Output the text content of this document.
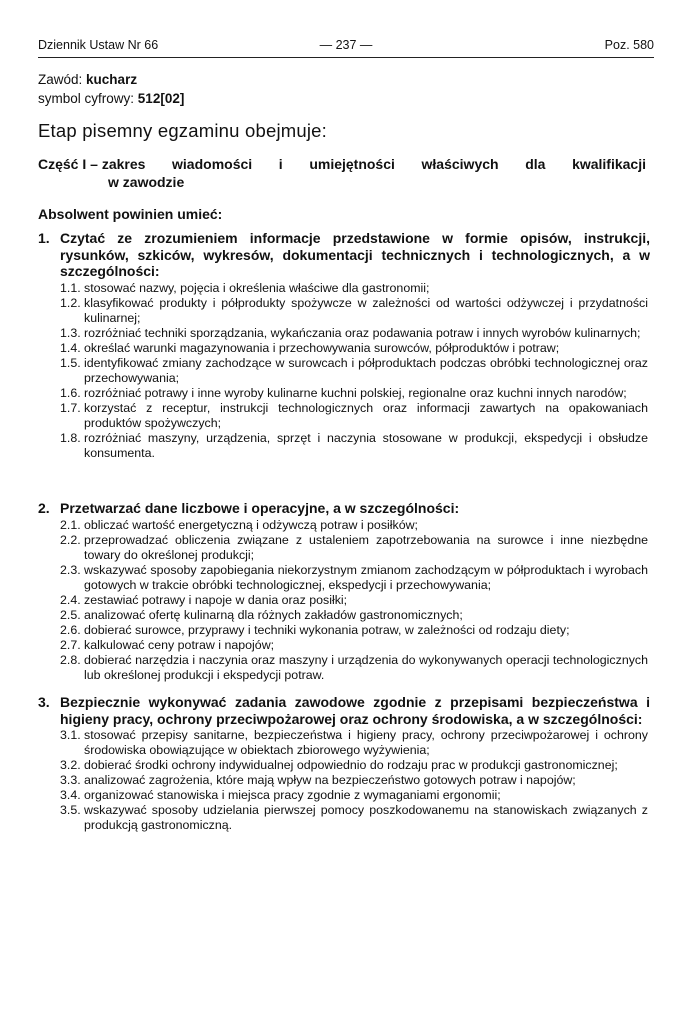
Dziennik Ustaw Nr 66	— 237 —	Poz. 580
Zawód: kucharz
symbol cyfrowy: 512[02]
Etap pisemny egzaminu obejmuje:
Część I – zakres wiadomości i umiejętności właściwych dla kwalifikacji
w zawodzie
Absolwent powinien umieć:
1. Czytać ze zrozumieniem informacje przedstawione w formie opisów, instrukcji, rysunków, szkiców, wykresów, dokumentacji technicznych i technologicznych, a w szczególności:
1.1. stosować nazwy, pojęcia i określenia właściwe dla gastronomii;
1.2. klasyfikować produkty i półprodukty spożywcze w zależności od wartości odżywczej i przydatności kulinarnej;
1.3. rozróżniać techniki sporządzania, wykańczania oraz podawania potraw i innych wyrobów kulinarnych;
1.4. określać warunki magazynowania i przechowywania surowców, półproduktów i potraw;
1.5. identyfikować zmiany zachodzące w surowcach i półproduktach podczas obróbki technologicznej oraz przechowywania;
1.6. rozróżniać potrawy i inne wyroby kulinarne kuchni polskiej, regionalne oraz kuchni innych narodów;
1.7. korzystać z receptur, instrukcji technologicznych oraz informacji zawartych na opakowaniach produktów spożywczych;
1.8. rozróżniać maszyny, urządzenia, sprzęt i naczynia stosowane w produkcji, ekspedycji i obsłudze konsumenta.
2. Przetwarzać dane liczbowe i operacyjne, a w szczególności:
2.1. obliczać wartość energetyczną i odżywczą potraw i posiłków;
2.2. przeprowadzać obliczenia związane z ustaleniem zapotrzebowania na surowce i inne niezbędne towary do określonej produkcji;
2.3. wskazywać sposoby zapobiegania niekorzystnym zmianom zachodzącym w półproduktach i wyrobach gotowych w trakcie obróbki technologicznej, ekspedycji i przechowywania;
2.4. zestawiać potrawy i napoje w dania oraz posiłki;
2.5. analizować ofertę kulinarną dla różnych zakładów gastronomicznych;
2.6. dobierać surowce, przyprawy i techniki wykonania potraw, w zależności od rodzaju diety;
2.7. kalkulować ceny potraw i napojów;
2.8. dobierać narzędzia i naczynia oraz maszyny i urządzenia do wykonywanych operacji technologicznych lub określonej produkcji i ekspedycji potraw.
3. Bezpiecznie wykonywać zadania zawodowe zgodnie z przepisami bezpieczeństwa i higieny pracy, ochrony przeciwpożarowej oraz ochrony środowiska, a w szczególności:
3.1. stosować przepisy sanitarne, bezpieczeństwa i higieny pracy, ochrony przeciwpożarowej i ochrony środowiska obowiązujące w obiektach zbiorowego wyżywienia;
3.2. dobierać środki ochrony indywidualnej odpowiednio do rodzaju prac w produkcji gastronomicznej;
3.3. analizować zagrożenia, które mają wpływ na bezpieczeństwo gotowych potraw i napojów;
3.4. organizować stanowiska i miejsca pracy zgodnie z wymaganiami ergonomii;
3.5. wskazywać sposoby udzielania pierwszej pomocy poszkodowanemu na stanowiskach związanych z produkcją gastronomiczną.
